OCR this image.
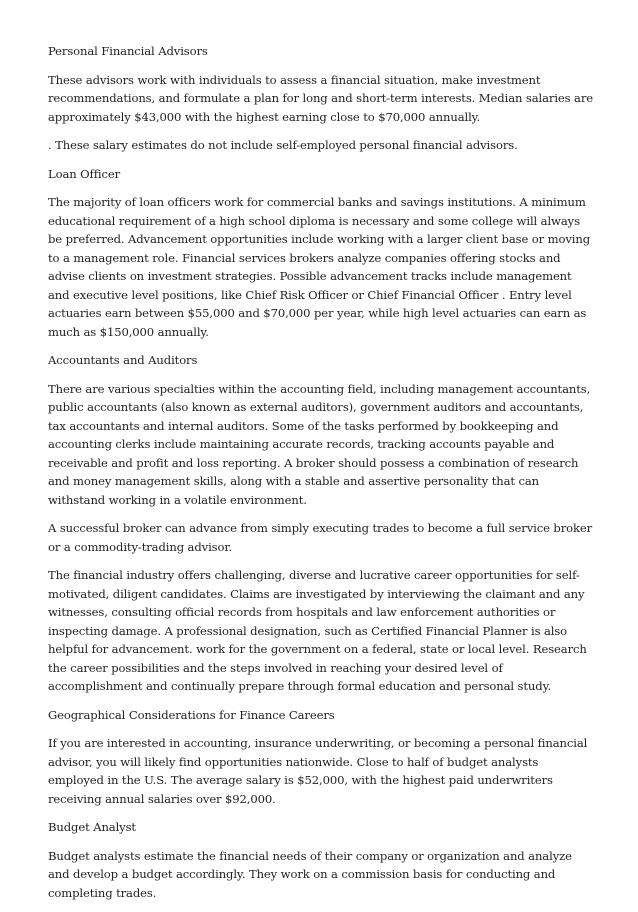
Personal Financial Advisors
These advisors work with individuals to assess a financial situation, make investment recommendations, and formulate a plan for long and short-term interests. Median salaries are approximately $43,000 with the highest earning close to $70,000 annually.
. These salary estimates do not include self-employed personal financial advisors.
Loan Officer
The majority of loan officers work for commercial banks and savings institutions. A minimum educational requirement of a high school diploma is necessary and some college will always be preferred. Advancement opportunities include working with a larger client base or moving to a management role. Financial services brokers analyze companies offering stocks and advise clients on investment strategies. Possible advancement tracks include management and executive level positions, like Chief Risk Officer or Chief Financial Officer . Entry level actuaries earn between $55,000 and $70,000 per year, while high level actuaries can earn as much as $150,000 annually.
Accountants and Auditors
There are various specialties within the accounting field, including management accountants, public accountants (also known as external auditors), government auditors and accountants, tax accountants and internal auditors. Some of the tasks performed by bookkeeping and accounting clerks include maintaining accurate records, tracking accounts payable and receivable and profit and loss reporting. A broker should possess a combination of research and money management skills, along with a stable and assertive personality that can withstand working in a volatile environment.
A successful broker can advance from simply executing trades to become a full service broker or a commodity-trading advisor.
The financial industry offers challenging, diverse and lucrative career opportunities for self-motivated, diligent candidates. Claims are investigated by interviewing the claimant and any witnesses, consulting official records from hospitals and law enforcement authorities or inspecting damage. A professional designation, such as Certified Financial Planner is also helpful for advancement. work for the government on a federal, state or local level. Research the career possibilities and the steps involved in reaching your desired level of accomplishment and continually prepare through formal education and personal study.
Geographical Considerations for Finance Careers
If you are interested in accounting, insurance underwriting, or becoming a personal financial advisor, you will likely find opportunities nationwide. Close to half of budget analysts employed in the U.S. The average salary is $52,000, with the highest paid underwriters receiving annual salaries over $92,000.
Budget Analyst
Budget analysts estimate the financial needs of their company or organization and analyze and develop a budget accordingly. They work on a commission basis for conducting and completing trades.
